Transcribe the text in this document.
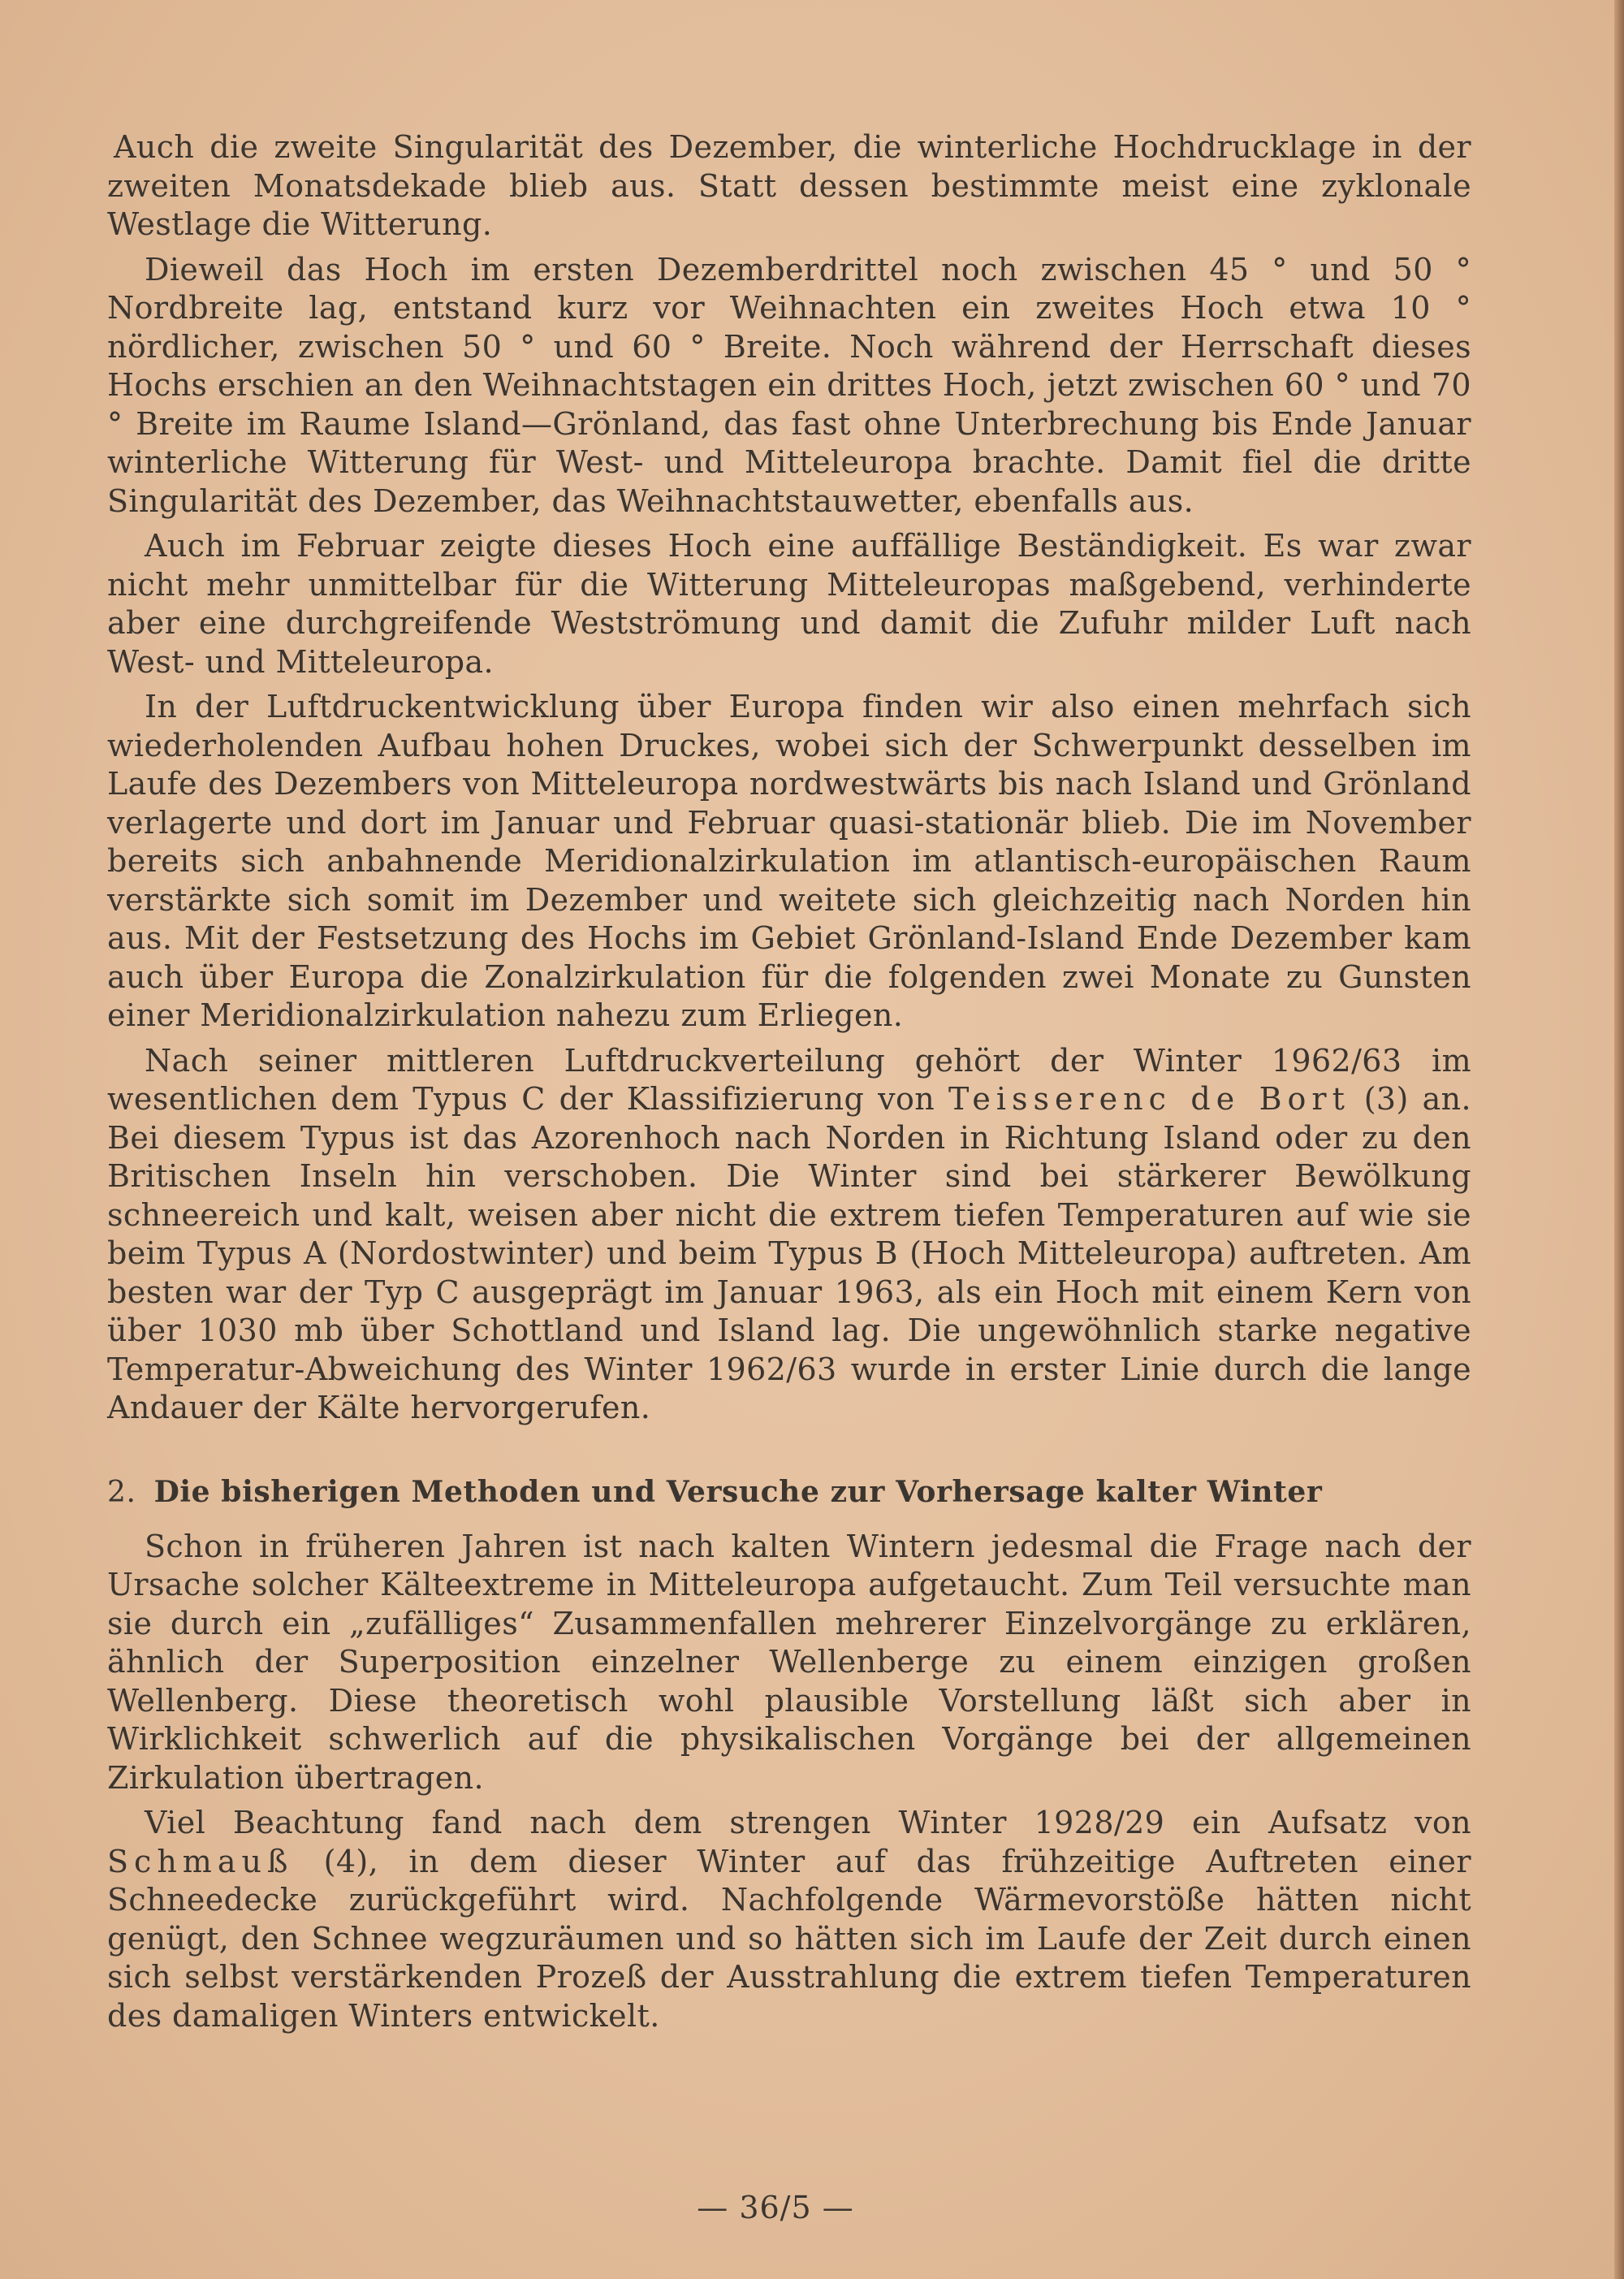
Auch die zweite Singularität des Dezember, die winterliche Hochdrucklage in der zweiten Monatsdekade blieb aus. Statt dessen bestimmte meist eine zyklonale Westlage die Witterung.

Dieweil das Hoch im ersten Dezemberdrittel noch zwischen 45 ° und 50 ° Nordbreite lag, entstand kurz vor Weihnachten ein zweites Hoch etwa 10 ° nördlicher, zwischen 50 ° und 60 ° Breite. Noch während der Herrschaft dieses Hochs erschien an den Weihnachtstagen ein drittes Hoch, jetzt zwischen 60 ° und 70 ° Breite im Raume Island—Grönland, das fast ohne Unterbrechung bis Ende Januar winterliche Witterung für West- und Mitteleuropa brachte. Damit fiel die dritte Singularität des Dezember, das Weihnachtstauwetter, ebenfalls aus.

Auch im Februar zeigte dieses Hoch eine auffällige Beständigkeit. Es war zwar nicht mehr unmittelbar für die Witterung Mitteleuropas maßgebend, verhinderte aber eine durchgreifende Westströmung und damit die Zufuhr milder Luft nach West- und Mitteleuropa.

In der Luftdruckentwicklung über Europa finden wir also einen mehrfach sich wiederholenden Aufbau hohen Druckes, wobei sich der Schwerpunkt desselben im Laufe des Dezembers von Mitteleuropa nordwestwärts bis nach Island und Grönland verlagerte und dort im Januar und Februar quasi-stationär blieb. Die im November bereits sich anbahnende Meridionalzirkulation im atlantisch-europäischen Raum verstärkte sich somit im Dezember und weitete sich gleichzeitig nach Norden hin aus. Mit der Festsetzung des Hochs im Gebiet Grönland-Island Ende Dezember kam auch über Europa die Zonalzirkulation für die folgenden zwei Monate zu Gunsten einer Meridionalzirkulation nahezu zum Erliegen.

Nach seiner mittleren Luftdruckverteilung gehört der Winter 1962/63 im wesentlichen dem Typus C der Klassifizierung von Teisserenc de Bort (3) an. Bei diesem Typus ist das Azorenhoch nach Norden in Richtung Island oder zu den Britischen Inseln hin verschoben. Die Winter sind bei stärkerer Bewölkung schneereich und kalt, weisen aber nicht die extrem tiefen Temperaturen auf wie sie beim Typus A (Nordostwinter) und beim Typus B (Hoch Mitteleuropa) auftreten. Am besten war der Typ C ausgeprägt im Januar 1963, als ein Hoch mit einem Kern von über 1030 mb über Schottland und Island lag. Die ungewöhnlich starke negative Temperatur-Abweichung des Winter 1962/63 wurde in erster Linie durch die lange Andauer der Kälte hervorgerufen.

2. Die bisherigen Methoden und Versuche zur Vorhersage kalter Winter

Schon in früheren Jahren ist nach kalten Wintern jedesmal die Frage nach der Ursache solcher Kälteextreme in Mitteleuropa aufgetaucht. Zum Teil versuchte man sie durch ein „zufälliges“ Zusammenfallen mehrerer Einzelvorgänge zu erklären, ähnlich der Superposition einzelner Wellenberge zu einem einzigen großen Wellenberg. Diese theoretisch wohl plausible Vorstellung läßt sich aber in Wirklichkeit schwerlich auf die physikalischen Vorgänge bei der allgemeinen Zirkulation übertragen.

Viel Beachtung fand nach dem strengen Winter 1928/29 ein Aufsatz von Schmauß (4), in dem dieser Winter auf das frühzeitige Auftreten einer Schneedecke zurückgeführt wird. Nachfolgende Wärmevorstöße hätten nicht genügt, den Schnee wegzuräumen und so hätten sich im Laufe der Zeit durch einen sich selbst verstärkenden Prozeß der Ausstrahlung die extrem tiefen Temperaturen des damaligen Winters entwickelt.

— 36/5 —
